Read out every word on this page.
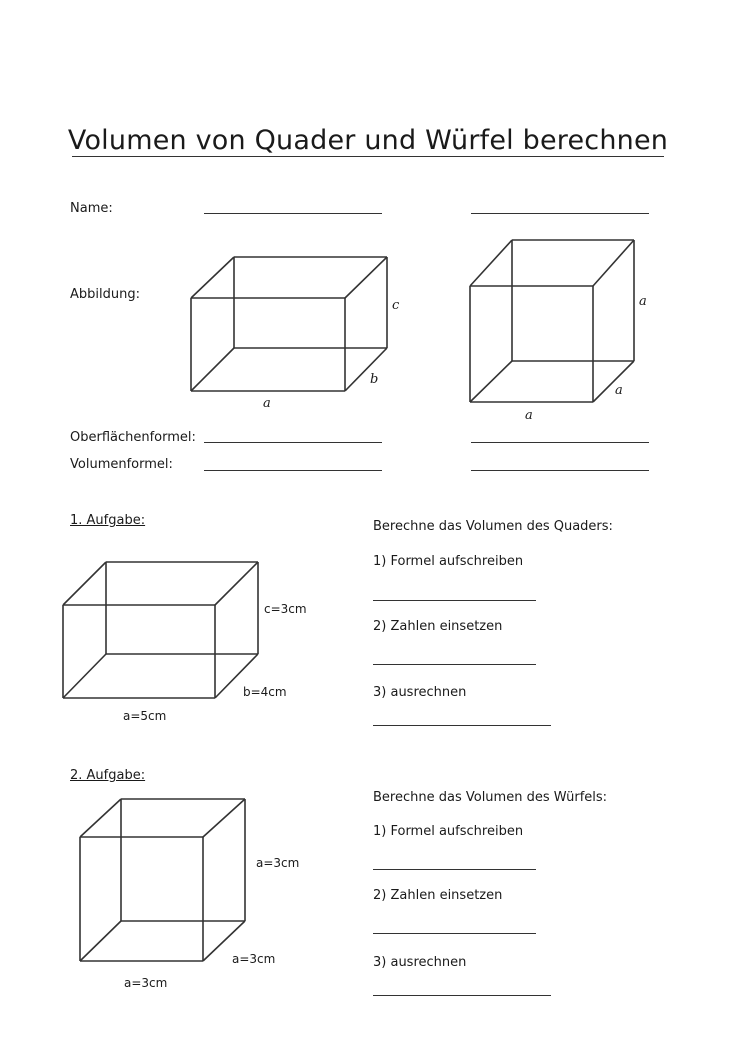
Volumen von Quader und Würfel berechnen
Name:
Abbildung:
a
b
c	a
a
a
Oberflächenformel:
Volumenformel:
1. Aufgabe:
c=3cm
b=4cm
a=5cm
Berechne das Volumen des Quaders:
1) Formel aufschreiben
2) Zahlen einsetzen
3) ausrechnen
2. Aufgabe:
a=3cm
a=3cm
a=3cm
Berechne das Volumen des Würfels:
1) Formel aufschreiben
2) Zahlen einsetzen
3) ausrechnen
